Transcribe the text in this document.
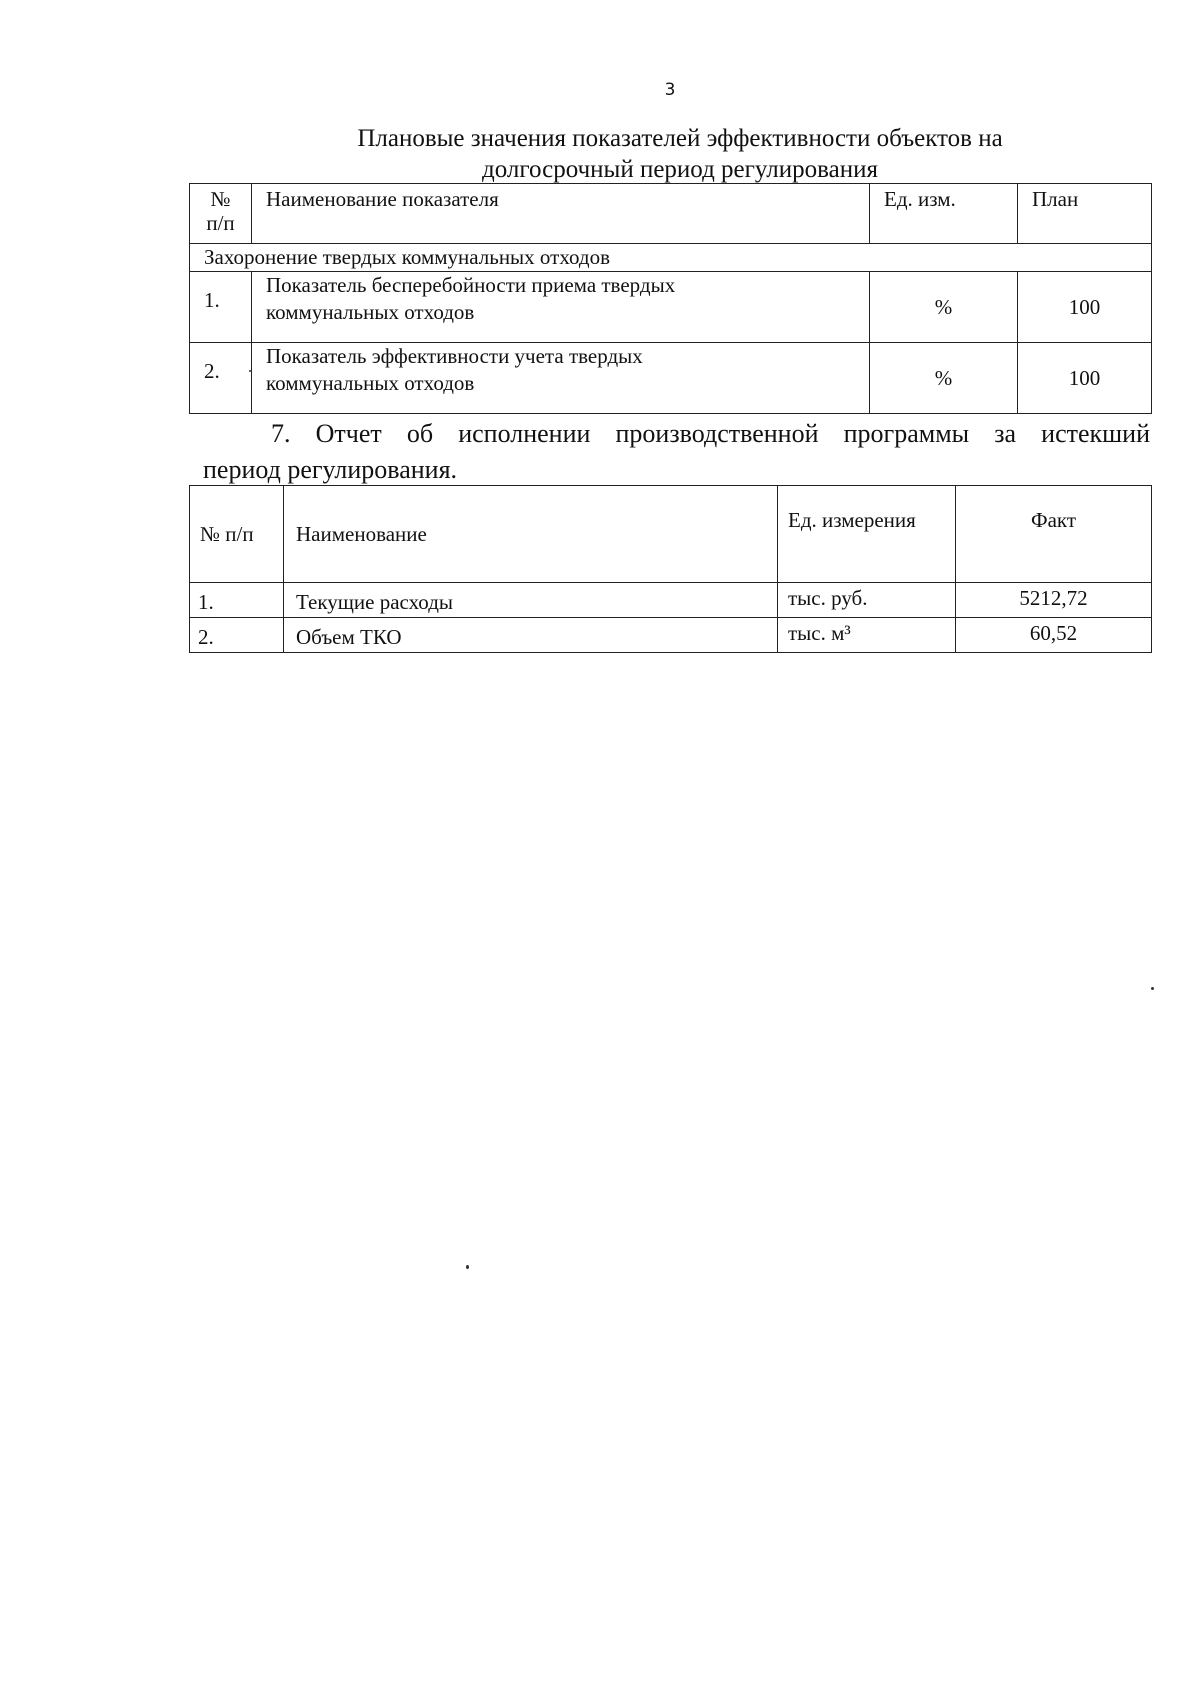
3
Плановые значения показателей эффективности объектов на
долгосрочный период регулирования
№
п/п	Наименование показателя	Ед. изм.	План
Захоронение твердых коммунальных отходов			
1.	Показатель бесперебойности приема твердых
коммунальных отходов	%	100
2.	Показатель эффективности учета твердых
коммунальных отходов	%	100
7. Отчет об исполнении производственной программы за истекший
период регулирования.
№ п/п	Наименование	Ед. измерения	Факт
1.	Текущие расходы	тыс. руб.	5212,72
2.	Объем ТКО	тыс. м³	60,52
